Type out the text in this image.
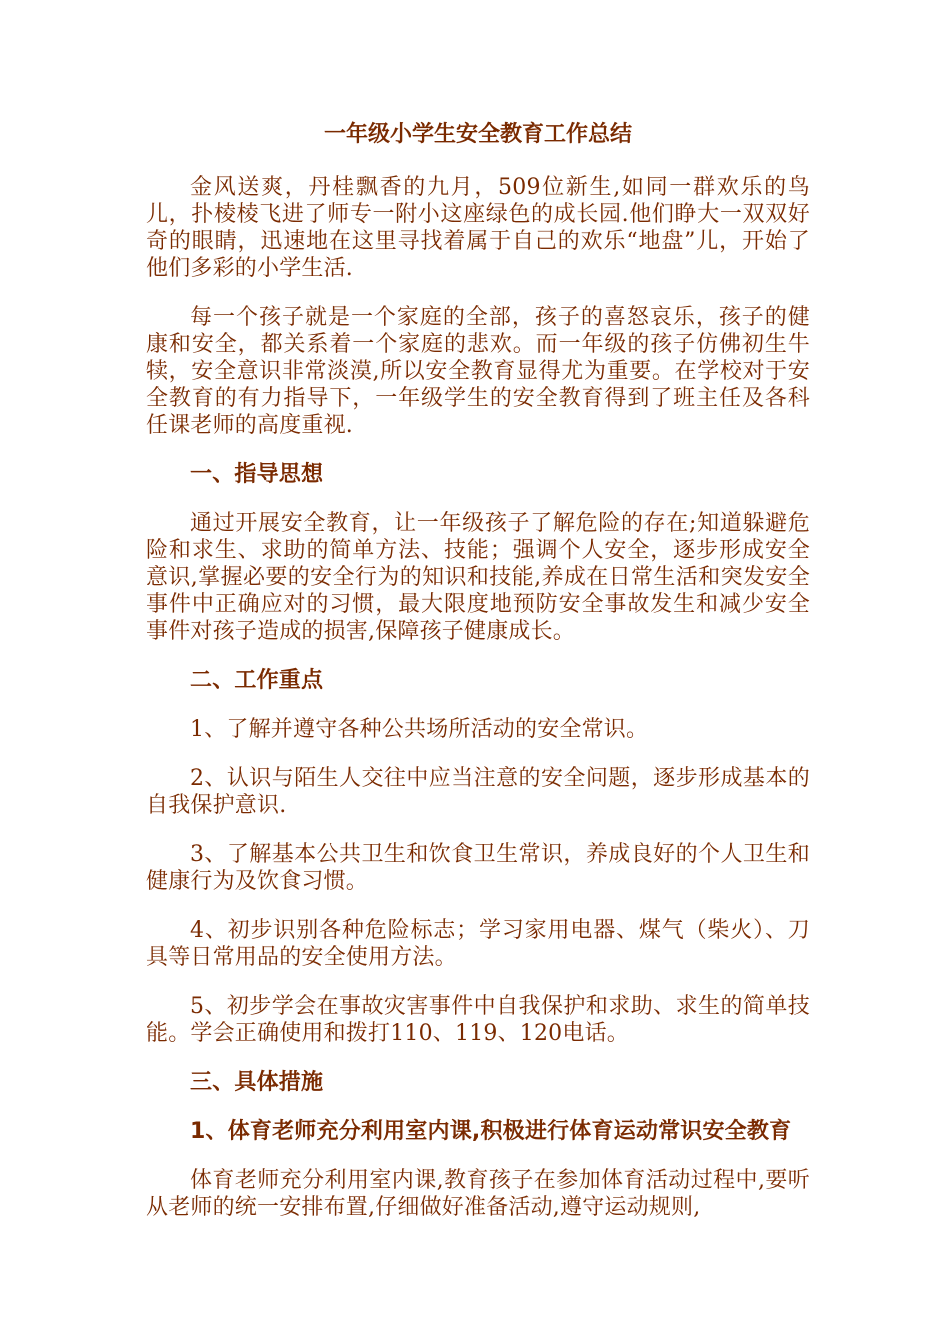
一年级小学生安全教育工作总结

金风送爽，丹桂飘香的九月，509位新生,如同一群欢乐的鸟儿，扑棱棱飞进了师专一附小这座绿色的成长园.他们睁大一双双好奇的眼睛，迅速地在这里寻找着属于自己的欢乐“地盘”儿，开始了他们多彩的小学生活.

每一个孩子就是一个家庭的全部，孩子的喜怒哀乐，孩子的健康和安全，都关系着一个家庭的悲欢。而一年级的孩子仿佛初生牛犊，安全意识非常淡漠,所以安全教育显得尤为重要。在学校对于安全教育的有力指导下，一年级学生的安全教育得到了班主任及各科任课老师的高度重视.

一、指导思想

通过开展安全教育，让一年级孩子了解危险的存在;知道躲避危险和求生、求助的简单方法、技能；强调个人安全，逐步形成安全意识,掌握必要的安全行为的知识和技能,养成在日常生活和突发安全事件中正确应对的习惯，最大限度地预防安全事故发生和减少安全事件对孩子造成的损害,保障孩子健康成长。

二、工作重点

1、了解并遵守各种公共场所活动的安全常识。

2、认识与陌生人交往中应当注意的安全问题，逐步形成基本的自我保护意识.

3、了解基本公共卫生和饮食卫生常识，养成良好的个人卫生和健康行为及饮食习惯。

4、初步识别各种危险标志；学习家用电器、煤气（柴火）、刀具等日常用品的安全使用方法。

5、初步学会在事故灾害事件中自我保护和求助、求生的简单技能。学会正确使用和拨打110、119、120电话。

三、具体措施

1、体育老师充分利用室内课,积极进行体育运动常识安全教育

体育老师充分利用室内课,教育孩子在参加体育活动过程中,要听从老师的统一安排布置,仔细做好准备活动,遵守运动规则,
